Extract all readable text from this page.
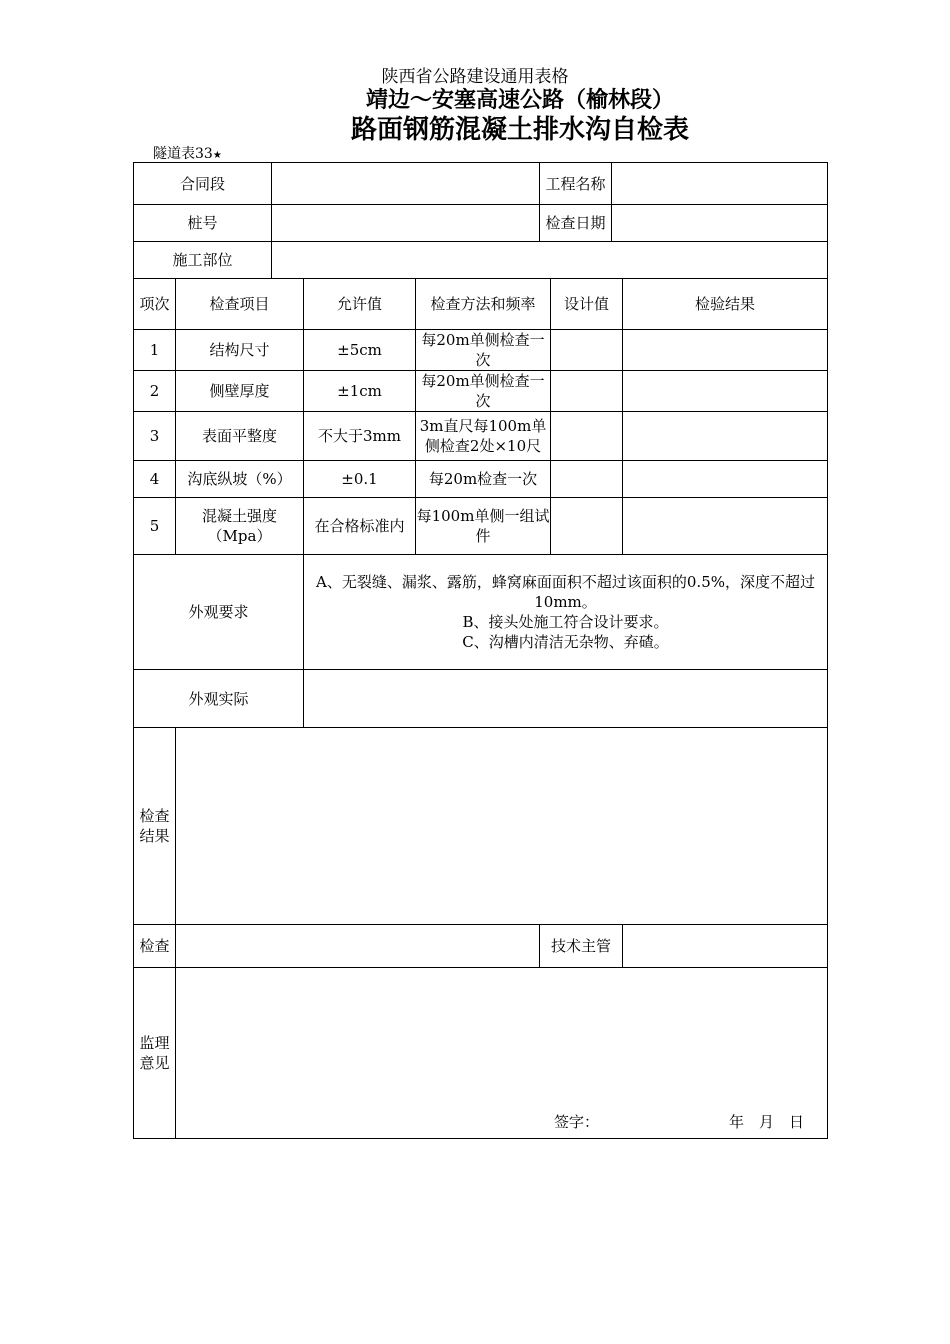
陕西省公路建设通用表格
靖边～安塞高速公路（榆林段）
路面钢筋混凝土排水沟自检表
隧道表33★
合同段					工程名称			
桩号					检查日期			
施工部位								
项次	检查项目		允许值	检查方法和频率		设计值		检验结果
1	结构尺寸		±5cm	每20m单侧检查一次				
2	侧壁厚度		±1cm	每20m单侧检查一次				
3	表面平整度		不大于3mm	3m直尺每100m单侧检查2处×10尺				
4	沟底纵坡（%）		±0.1	每20m检查一次				
5	混凝土强度（Mpa）		在合格标准内	每100m单侧一组试件				
外观要求			A、无裂缝、漏浆、露筋，蜂窝麻面面积不超过该面积的0.5%，深度不超过10mm。
B、接头处施工符合设计要求。
C、沟槽内清洁无杂物、弃碴。					

外观实际								

检查
结果								

检查					技术主管			

监理
意见	签字： 年　月　日							
